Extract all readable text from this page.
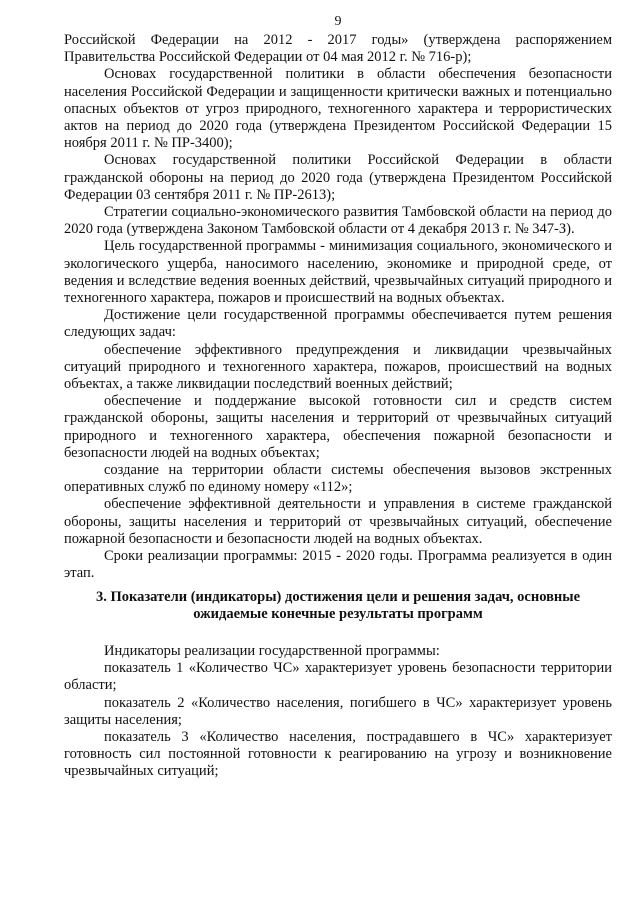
9

Российской Федерации на 2012 - 2017 годы» (утверждена распоряжением Правительства Российской Федерации от 04 мая 2012 г. № 716-р);

Основах государственной политики в области обеспечения безопасности населения Российской Федерации и защищенности критически важных и потенциально опасных объектов от угроз природного, техногенного характера и террористических актов на период до 2020 года (утверждена Президентом Российской Федерации 15 ноября 2011 г. № ПР-3400);

Основах государственной политики Российской Федерации в области гражданской обороны на период до 2020 года (утверждена Президентом Российской Федерации 03 сентября 2011 г. № ПР-2613);

Стратегии социально-экономического развития Тамбовской области на период до 2020 года (утверждена Законом Тамбовской области от 4 декабря 2013 г. № 347-З).

Цель государственной программы - минимизация социального, экономического и экологического ущерба, наносимого населению, экономике и природной среде, от ведения и вследствие ведения военных действий, чрезвычайных ситуаций природного и техногенного характера, пожаров и происшествий на водных объектах.

Достижение цели государственной программы обеспечивается путем решения следующих задач:

обеспечение эффективного предупреждения и ликвидации чрезвычайных ситуаций природного и техногенного характера, пожаров, происшествий на водных объектах, а также ликвидации последствий военных действий;

обеспечение и поддержание высокой готовности сил и средств систем гражданской обороны, защиты населения и территорий от чрезвычайных ситуаций природного и техногенного характера, обеспечения пожарной безопасности и безопасности людей на водных объектах;

создание на территории области системы обеспечения вызовов экстренных оперативных служб по единому номеру «112»;

обеспечение эффективной деятельности и управления в системе гражданской обороны, защиты населения и территорий от чрезвычайных ситуаций, обеспечение пожарной безопасности и безопасности людей на водных объектах.

Сроки реализации программы: 2015 - 2020 годы. Программа реализуется в один этап.

3. Показатели (индикаторы) достижения цели и решения задач, основные ожидаемые конечные результаты программ

Индикаторы реализации государственной программы:

показатель 1 «Количество ЧС» характеризует уровень безопасности территории области;

показатель 2 «Количество населения, погибшего в ЧС» характеризует уровень защиты населения;

показатель 3 «Количество населения, пострадавшего в ЧС» характеризует готовность сил постоянной готовности к реагированию на угрозу и возникновение чрезвычайных ситуаций;
